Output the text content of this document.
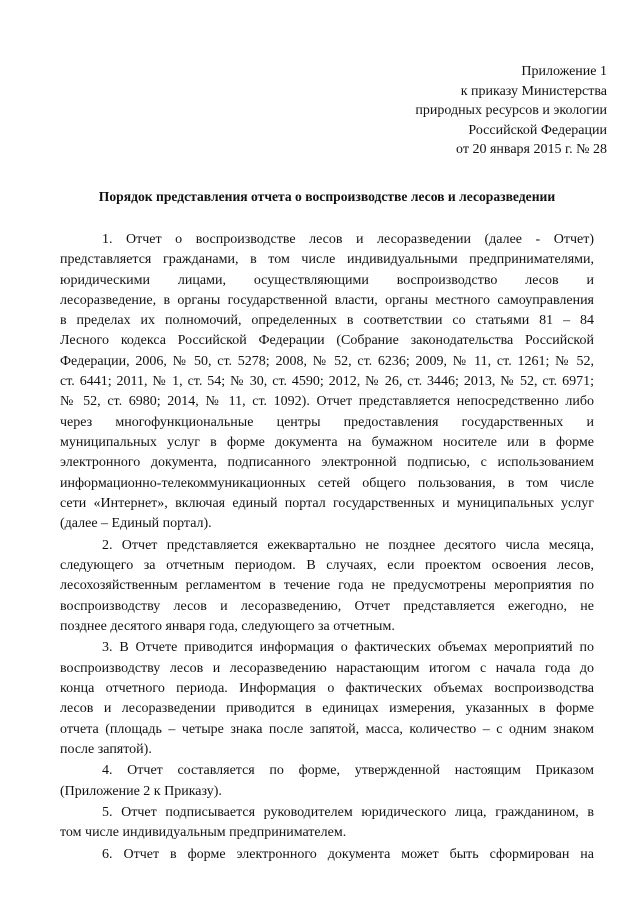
Приложение 1
к приказу Министерства
природных ресурсов и экологии
Российской Федерации
от 20 января 2015 г. № 28
Порядок представления отчета о воспроизводстве лесов и лесоразведении
1. Отчет о воспроизводстве лесов и лесоразведении (далее - Отчет)
представляется гражданами, в том числе индивидуальными предпринимателями,
юридическими лицами, осуществляющими воспроизводство лесов и
лесоразведение, в органы государственной власти, органы местного самоуправления
в пределах их полномочий, определенных в соответствии со статьями 81 – 84
Лесного кодекса Российской Федерации (Собрание законодательства Российской
Федерации, 2006, № 50, ст. 5278; 2008, № 52, ст. 6236; 2009, № 11, ст. 1261; № 52,
ст. 6441; 2011, № 1, ст. 54; № 30, ст. 4590; 2012, № 26, ст. 3446; 2013, № 52, ст. 6971;
№ 52, ст. 6980; 2014, № 11, ст. 1092). Отчет представляется непосредственно либо
через многофункциональные центры предоставления государственных и
муниципальных услуг в форме документа на бумажном носителе или в форме
электронного документа, подписанного электронной подписью, с использованием
информационно-телекоммуникационных сетей общего пользования, в том числе
сети «Интернет», включая единый портал государственных и муниципальных услуг
(далее – Единый портал).
2. Отчет представляется ежеквартально не позднее десятого числа месяца,
следующего за отчетным периодом. В случаях, если проектом освоения лесов,
лесохозяйственным регламентом в течение года не предусмотрены мероприятия по
воспроизводству лесов и лесоразведению, Отчет представляется ежегодно, не
позднее десятого января года, следующего за отчетным.
3. В Отчете приводится информация о фактических объемах мероприятий по
воспроизводству лесов и лесоразведению нарастающим итогом с начала года до
конца отчетного периода. Информация о фактических объемах воспроизводства
лесов и лесоразведении приводится в единицах измерения, указанных в форме
отчета (площадь – четыре знака после запятой, масса, количество – с одним знаком
после запятой).
4. Отчет составляется по форме, утвержденной настоящим Приказом
(Приложение 2 к Приказу).
5. Отчет подписывается руководителем юридического лица, гражданином, в
том числе индивидуальным предпринимателем.
6. Отчет в форме электронного документа может быть сформирован на
